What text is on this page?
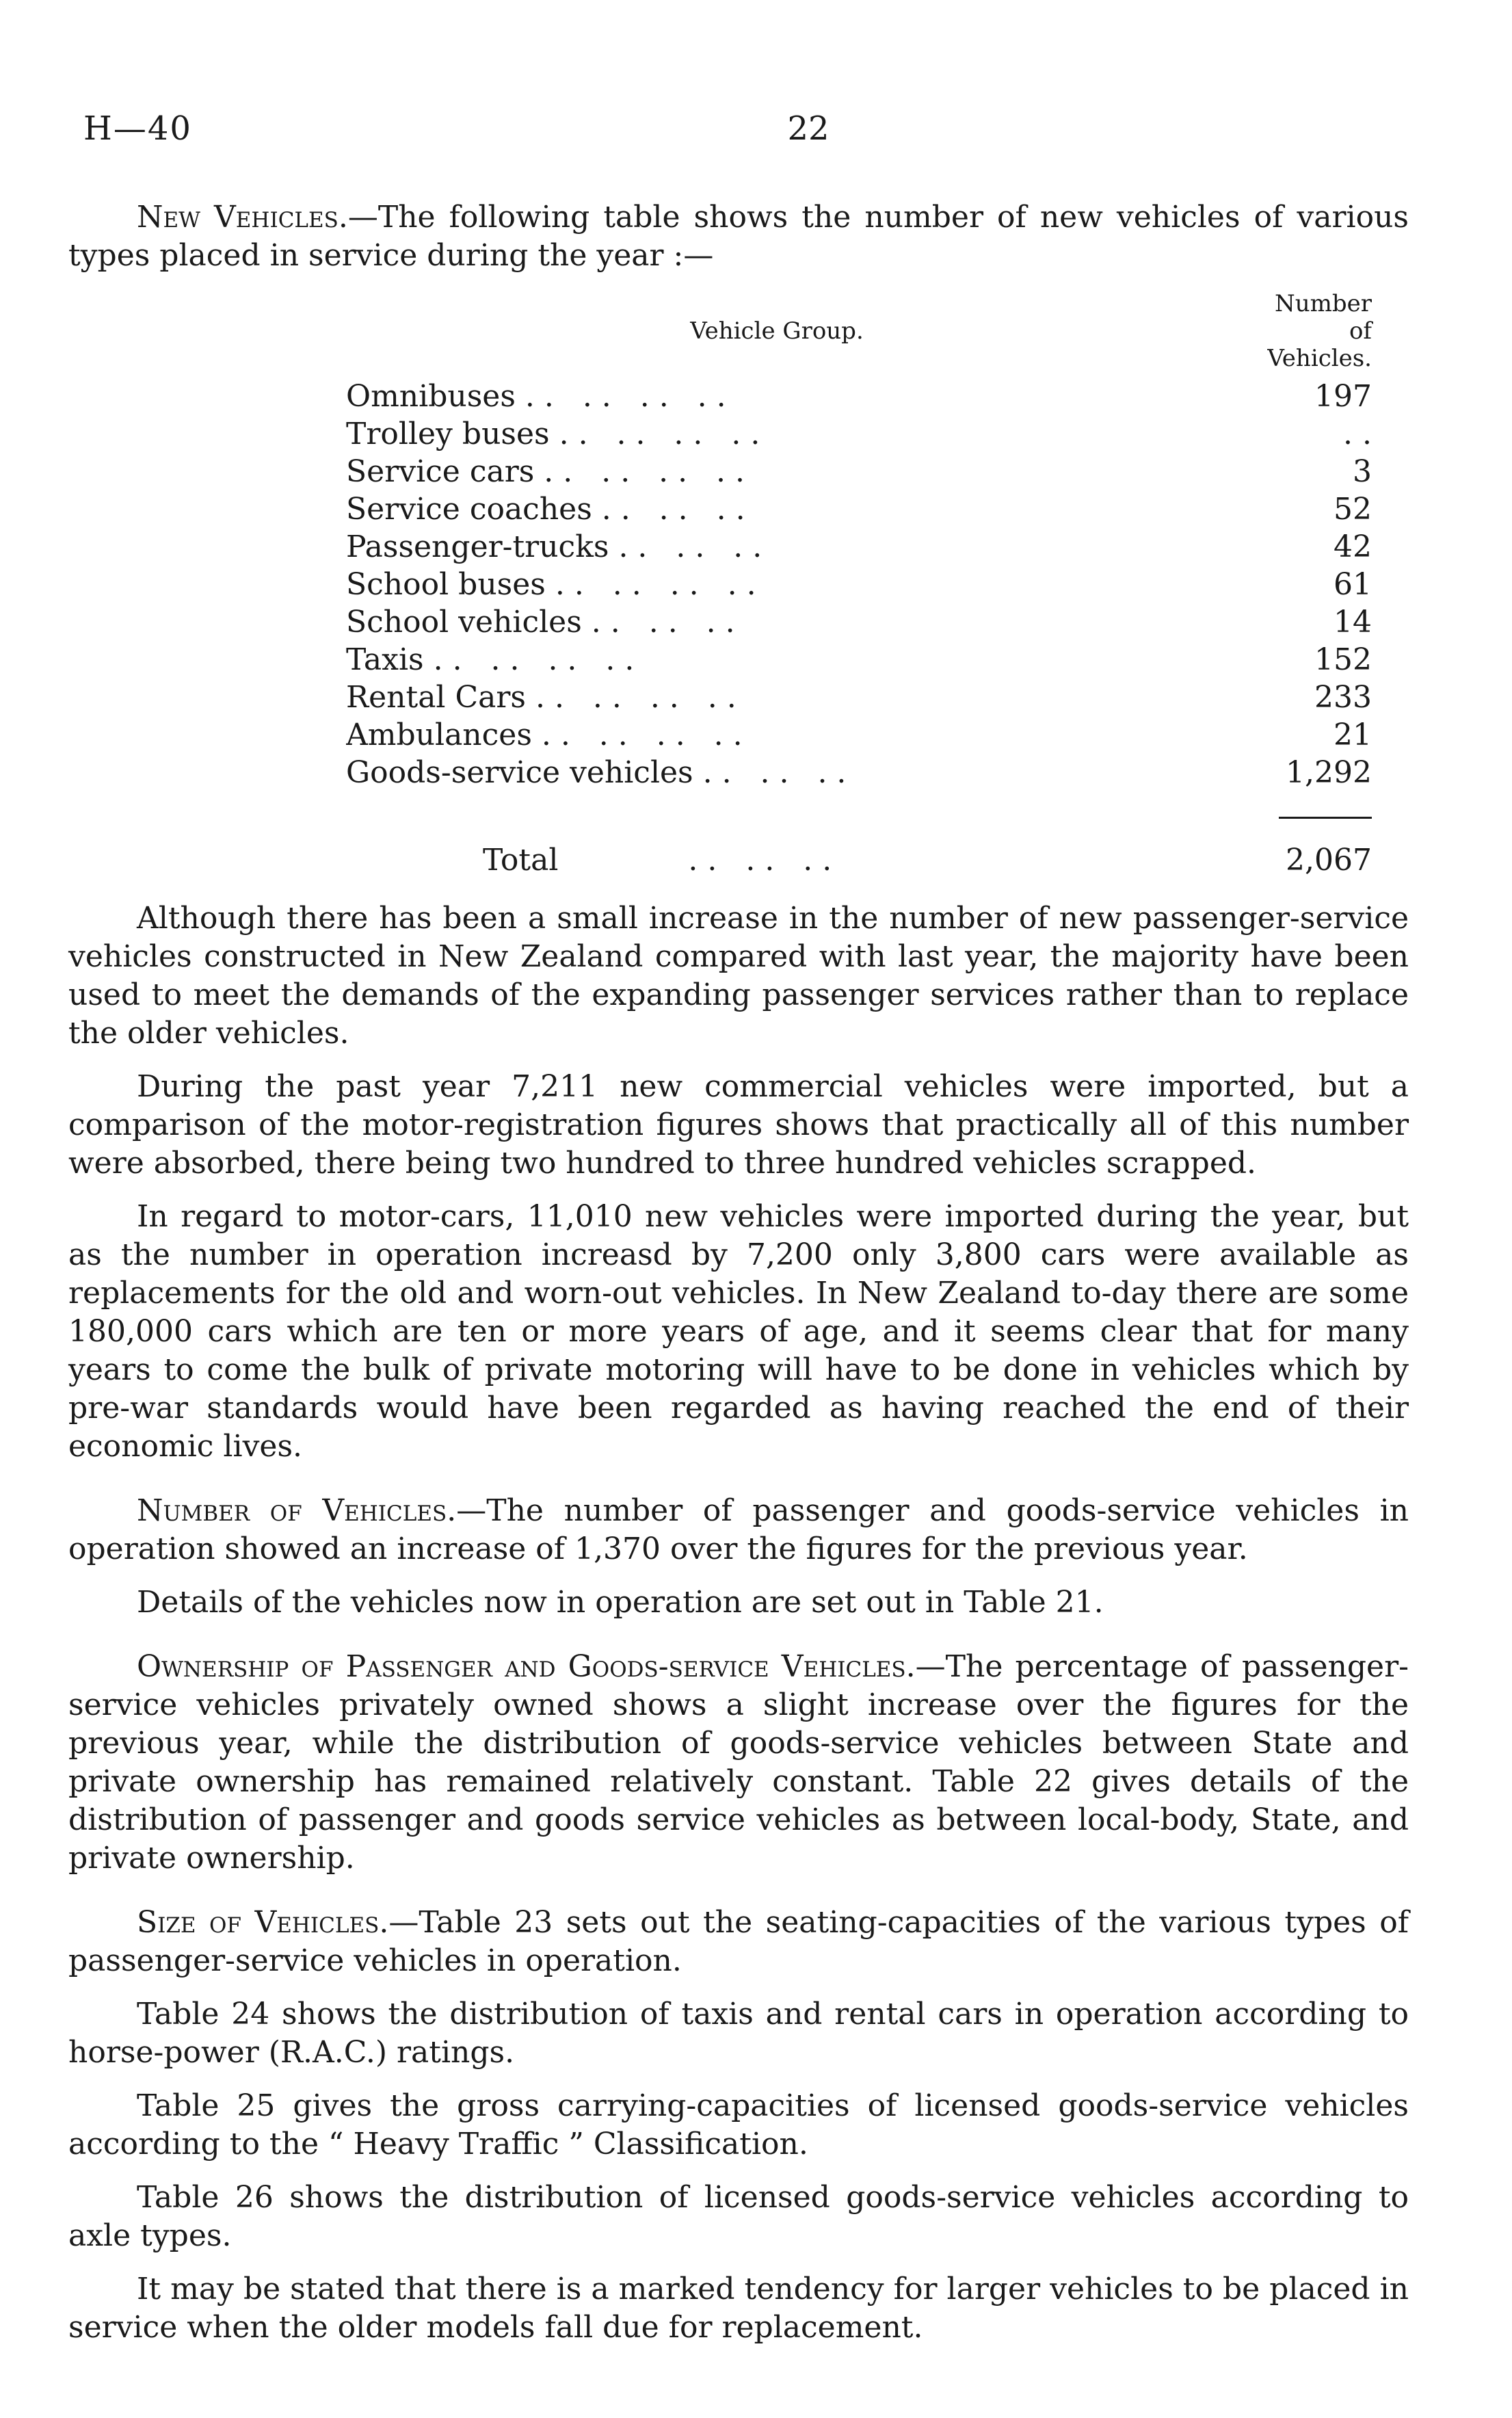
H—40	22

New Vehicles.—The following table shows the number of new vehicles of various types placed in service during the year :—

Vehicle Group.	Number of Vehicles.
Omnibuses . .   . .   . .   . .	197
Trolley buses . .   . .   . .   . .	. .
Service cars . .   . .   . .   . .	3
Service coaches . .   . .   . .	52
Passenger-trucks . .   . .   . .	42
School buses . .   . .   . .   . .	61
School vehicles . .   . .   . .	14
Taxis . .   . .   . .   . .	152
Rental Cars . .   . .   . .   . .	233
Ambulances . .   . .   . .   . .	21
Goods-service vehicles . .   . .   . .	1,292

Total . .   . .   . .	2,067

Although there has been a small increase in the number of new passenger-service vehicles constructed in New Zealand compared with last year, the majority have been used to meet the demands of the expanding passenger services rather than to replace the older vehicles.

During the past year 7,211 new commercial vehicles were imported, but a comparison of the motor-registration figures shows that practically all of this number were absorbed, there being two hundred to three hundred vehicles scrapped.

In regard to motor-cars, 11,010 new vehicles were imported during the year, but as the number in operation increasd by 7,200 only 3,800 cars were available as replacements for the old and worn-out vehicles. In New Zealand to-day there are some 180,000 cars which are ten or more years of age, and it seems clear that for many years to come the bulk of private motoring will have to be done in vehicles which by pre-war standards would have been regarded as having reached the end of their economic lives.

Number of Vehicles.—The number of passenger and goods-service vehicles in operation showed an increase of 1,370 over the figures for the previous year.

Details of the vehicles now in operation are set out in Table 21.

Ownership of Passenger and Goods-service Vehicles.—The percentage of passenger-service vehicles privately owned shows a slight increase over the figures for the previous year, while the distribution of goods-service vehicles between State and private ownership has remained relatively constant. Table 22 gives details of the distribution of passenger and goods service vehicles as between local-body, State, and private ownership.

Size of Vehicles.—Table 23 sets out the seating-capacities of the various types of passenger-service vehicles in operation.

Table 24 shows the distribution of taxis and rental cars in operation according to horse-power (R.A.C.) ratings.

Table 25 gives the gross carrying-capacities of licensed goods-service vehicles according to the “ Heavy Traffic ” Classification.

Table 26 shows the distribution of licensed goods-service vehicles according to axle types.

It may be stated that there is a marked tendency for larger vehicles to be placed in service when the older models fall due for replacement.
